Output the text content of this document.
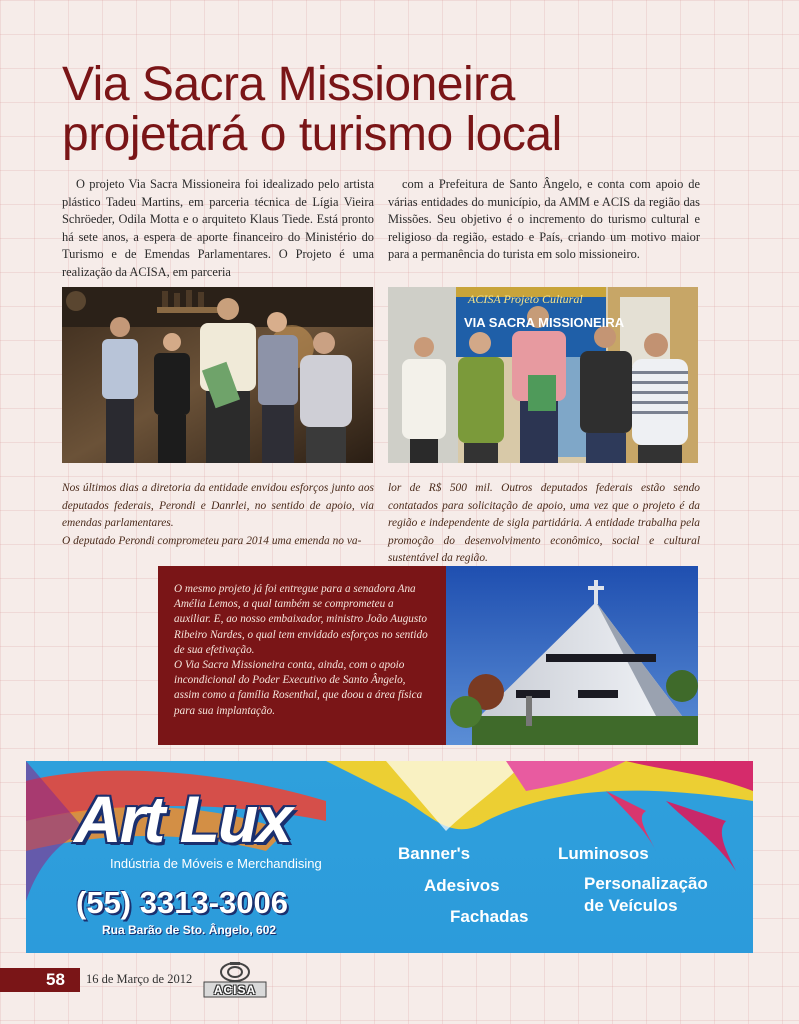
Via Sacra Missioneira
projetará o turismo local
O projeto Via Sacra Missioneira foi idealizado pelo artista plástico Tadeu Martins, em parceria técnica de Lígia Vieira Schröeder, Odila Motta e o arquiteto Klaus Tiede. Está pronto há sete anos, a espera de aporte financeiro do Ministério do Turismo e de Emendas Parlamentares. O Projeto é uma realização da ACISA, em parceria
com a Prefeitura de Santo Ângelo, e conta com apoio de várias entidades do município, da AMM e ACIS da região das Missões. Seu objetivo é o incremento do turismo cultural e religioso da região, estado e País, criando um motivo maior para a permanência do turista em solo missioneiro.
ACISA Projeto Cultural
VIA SACRA MISSIONEIRA
Nos últimos dias a diretoria da entidade envidou esforços junto aos deputados federais, Perondi e Danrlei, no sentido de apoio, via emendas parlamentares.
O deputado Perondi comprometeu para 2014 uma emenda no va-
lor de R$ 500 mil. Outros deputados federais estão sendo contatados para solicitação de apoio, uma vez que o projeto é da região e independente de sigla partidária. A entidade trabalha pela promoção do desenvolvimento econômico, social e cultural sustentável da região.

O mesmo projeto já foi entregue para a senadora Ana Amélia Lemos, a qual também se comprometeu a auxiliar. E, ao nosso embaixador, ministro João Augusto Ribeiro Nardes, o qual tem envidado esforços no sentido de sua efetivação.

O Via Sacra Missioneira conta, ainda, com o apoio incondicional do Poder Executivo de Santo Ângelo, assim como a família Rosenthal, que doou a área física para sua implantação.

Art Lux
Indústria de Móveis e Merchandising
(55) 3313-3006
Rua Barão de Sto. Ângelo, 602
Banner's	Luminosos
Adesivos	Personalização
de Veículos
Fachadas
58 16 de Março de 2012
ACISA
